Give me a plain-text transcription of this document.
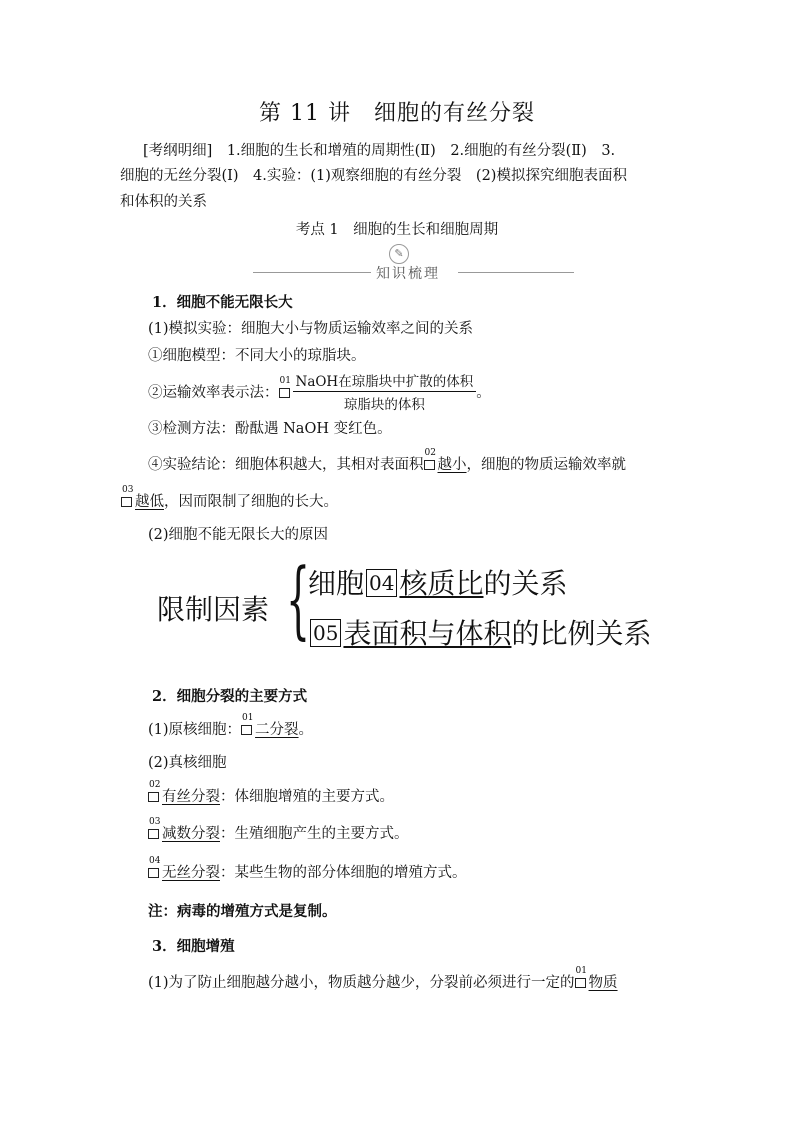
第 11 讲　细胞的有丝分裂
[考纲明细]　1.细胞的生长和增殖的周期性(Ⅱ)　2.细胞的有丝分裂(Ⅱ)　3.
细胞的无丝分裂(Ⅰ)　4.实验：(1)观察细胞的有丝分裂　(2)模拟探究细胞表面积
和体积的关系
考点 1　细胞的生长和细胞周期
✎
知识梳理
1．细胞不能无限长大
(1)模拟实验：细胞大小与物质运输效率之间的关系
①细胞模型：不同大小的琼脂块。
②运输效率表示法：
$01 \frac{\text{NaOH在琼脂块中扩散的体积}}{\text{琼脂块的体积}}$ 。
③检测方法：酚酞遇 NaOH 变红色。
④实验结论：细胞体积越大，其相对表面积
02
越小，细胞的物质运输效率就
03
越低，因而限制了细胞的长大。
(2)细胞不能无限长大的原因
限制因素 {
细胞 04 核质比的关系
05 表面积与体积的比例关系
2．细胞分裂的主要方式
(1)原核细胞：
01
二分裂。
(2)真核细胞
02
有丝分裂：体细胞增殖的主要方式。
03
减数分裂：生殖细胞产生的主要方式。
04
无丝分裂：某些生物的部分体细胞的增殖方式。
注：病毒的增殖方式是复制。
3．细胞增殖
(1)为了防止细胞越分越小，物质越分越少，分裂前必须进行一定的
01
物质
